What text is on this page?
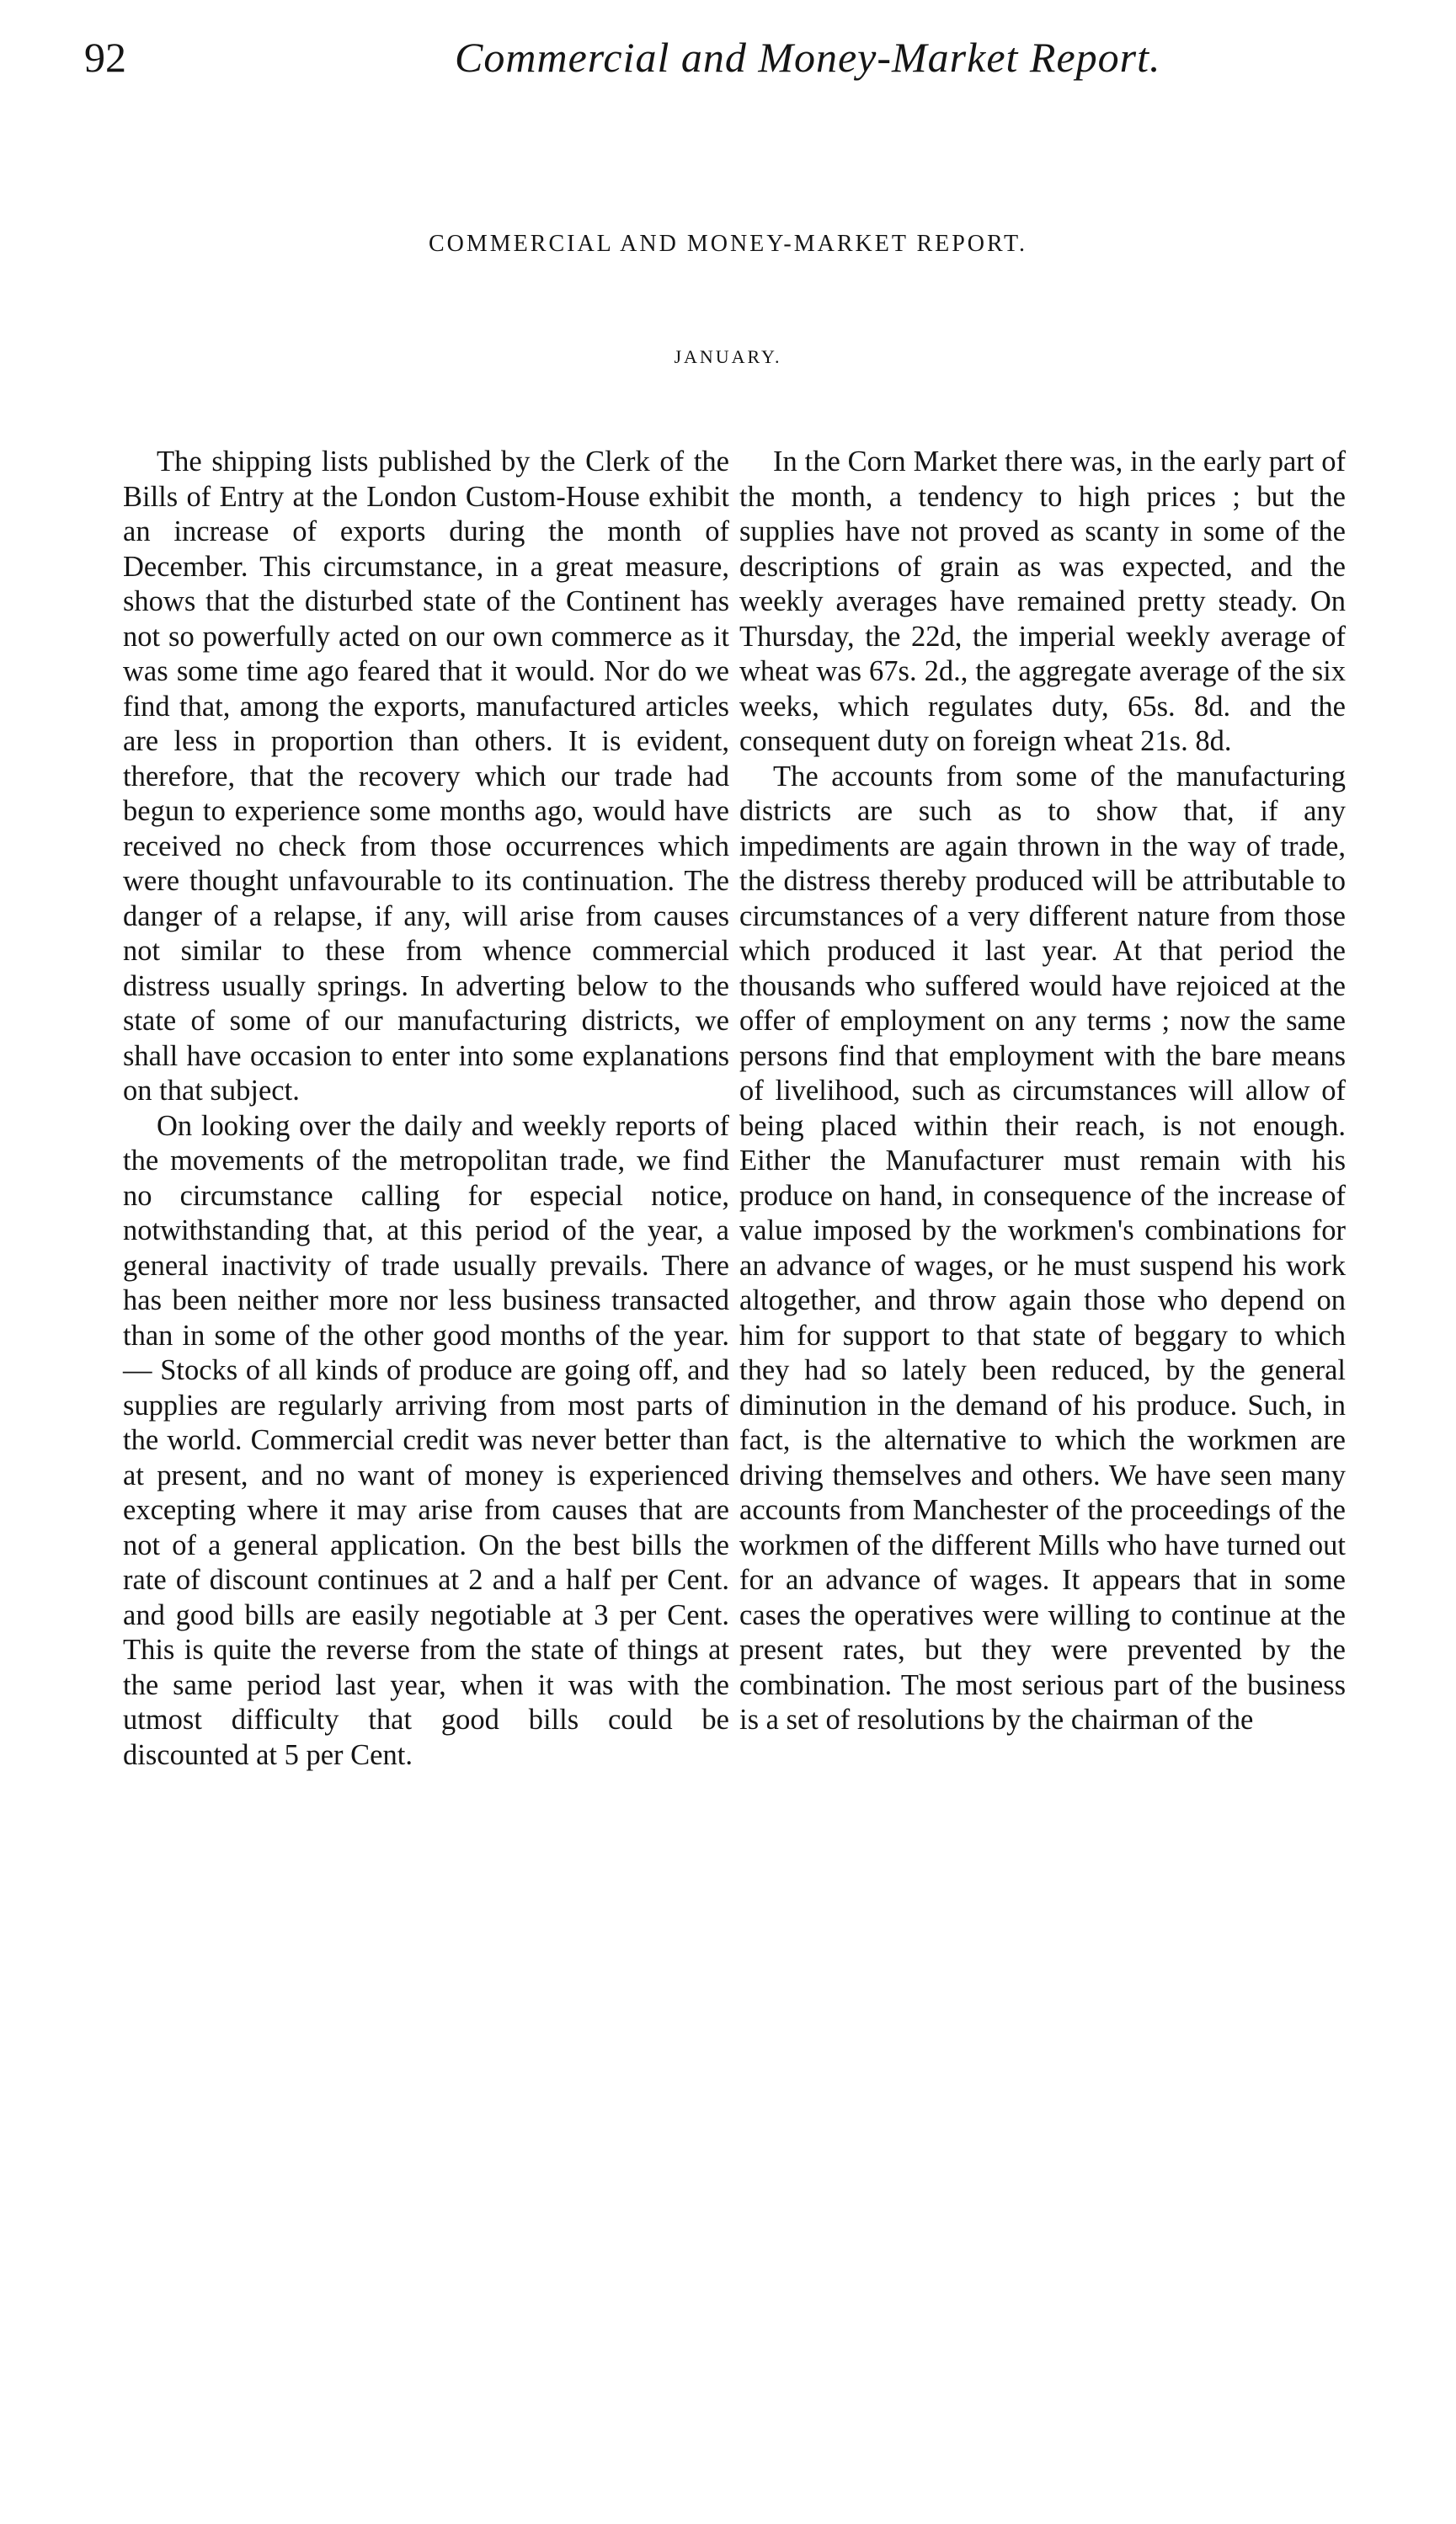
92	Commercial and Money-Market Report.
COMMERCIAL AND MONEY-MARKET REPORT.
JANUARY.

The shipping lists published by the Clerk of the Bills of Entry at the London Custom-House exhibit an increase of exports during the month of December. This circumstance, in a great measure, shows that the disturbed state of the Continent has not so powerfully acted on our own commerce as it was some time ago feared that it would. Nor do we find that, among the exports, manufactured articles are less in proportion than others. It is evident, therefore, that the recovery which our trade had begun to experience some months ago, would have received no check from those occurrences which were thought unfavourable to its continuation. The danger of a relapse, if any, will arise from causes not similar to these from whence commercial distress usually springs. In adverting below to the state of some of our manufacturing districts, we shall have occasion to enter into some explanations on that subject.

On looking over the daily and weekly reports of the movements of the metropolitan trade, we find no circumstance calling for especial notice, notwithstanding that, at this period of the year, a general inactivity of trade usually prevails. There has been neither more nor less business transacted than in some of the other good months of the year.— Stocks of all kinds of produce are going off, and supplies are regularly arriving from most parts of the world. Commercial credit was never better than at present, and no want of money is experienced excepting where it may arise from causes that are not of a general application. On the best bills the rate of discount continues at 2 and a half per Cent. and good bills are easily negotiable at 3 per Cent. This is quite the reverse from the state of things at the same period last year, when it was with the utmost difficulty that good bills could be discounted at 5 per Cent.

In the Corn Market there was, in the early part of the month, a tendency to high prices ; but the supplies have not proved as scanty in some of the descriptions of grain as was expected, and the weekly averages have remained pretty steady. On Thursday, the 22d, the imperial weekly average of wheat was 67s. 2d., the aggregate average of the six weeks, which regulates duty, 65s. 8d. and the consequent duty on foreign wheat 21s. 8d.

The accounts from some of the manufacturing districts are such as to show that, if any impediments are again thrown in the way of trade, the distress thereby produced will be attributable to circumstances of a very different nature from those which produced it last year. At that period the thousands who suffered would have rejoiced at the offer of employment on any terms ; now the same persons find that employment with the bare means of livelihood, such as circumstances will allow of being placed within their reach, is not enough. Either the Manufacturer must remain with his produce on hand, in consequence of the increase of value imposed by the workmen's combinations for an advance of wages, or he must suspend his work altogether, and throw again those who depend on him for support to that state of beggary to which they had so lately been reduced, by the general diminution in the demand of his produce. Such, in fact, is the alternative to which the workmen are driving themselves and others. We have seen many accounts from Manchester of the proceedings of the workmen of the different Mills who have turned out for an advance of wages. It appears that in some cases the operatives were willing to continue at the present rates, but they were prevented by the combination. The most serious part of the business is a set of resolutions by the chairman of the
